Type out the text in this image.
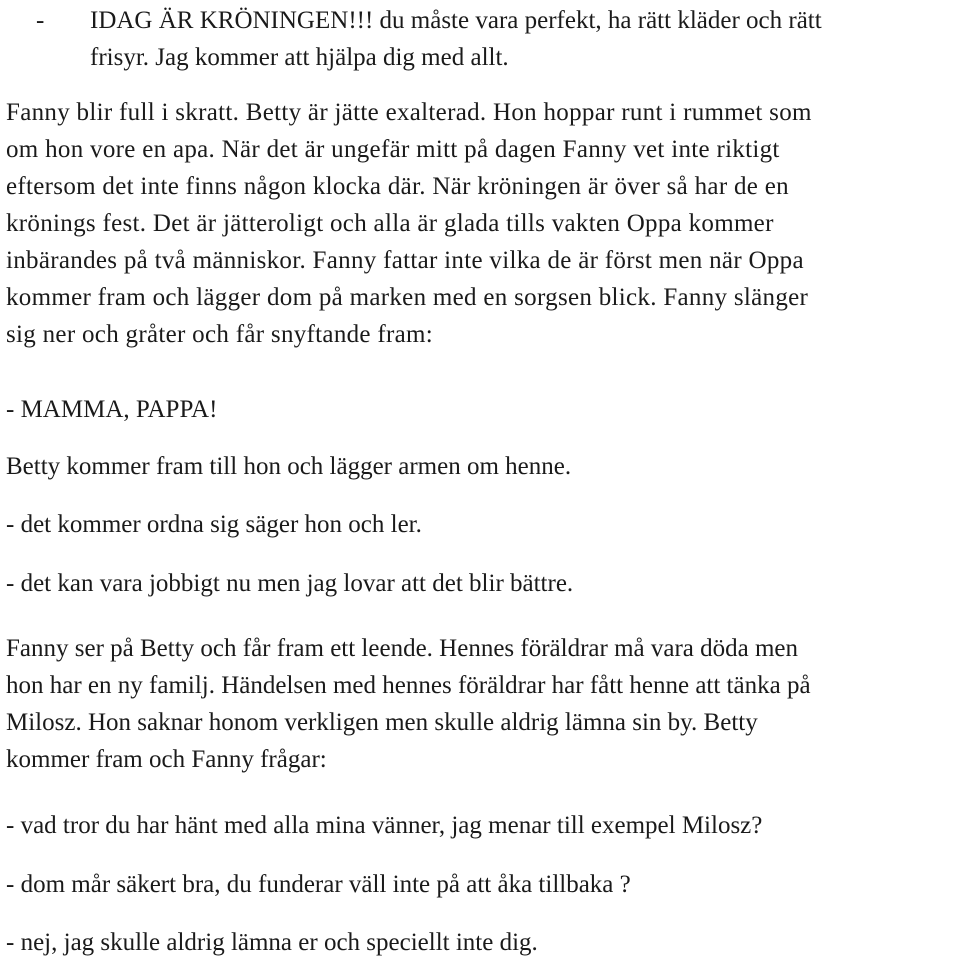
- IDAG ÄR KRÖNINGEN!!! du måste vara perfekt, ha rätt kläder och rätt
frisyr. Jag kommer att hjälpa dig med allt.
Fanny blir full i skratt. Betty är jätte exalterad. Hon hoppar runt i rummet som
om hon vore en apa. När det är ungefär mitt på dagen Fanny vet inte riktigt
eftersom det inte finns någon klocka där. När kröningen är över så har de en
krönings fest. Det är jätteroligt och alla är glada tills vakten Oppa kommer
inbärandes på två människor. Fanny fattar inte vilka de är först men när Oppa
kommer fram och lägger dom på marken med en sorgsen blick. Fanny slänger
sig ner och gråter och får snyftande fram:
- MAMMA, PAPPA!
Betty kommer fram till hon och lägger armen om henne.
- det kommer ordna sig säger hon och ler.
- det kan vara jobbigt nu men jag lovar att det blir bättre.
Fanny ser på Betty och får fram ett leende. Hennes föräldrar må vara döda men
hon har en ny familj. Händelsen med hennes föräldrar har fått henne att tänka på
Milosz. Hon saknar honom verkligen men skulle aldrig lämna sin by. Betty
kommer fram och Fanny frågar:
- vad tror du har hänt med alla mina vänner, jag menar till exempel Milosz?
- dom mår säkert bra, du funderar väll inte på att åka tillbaka ?
- nej, jag skulle aldrig lämna er och speciellt inte dig.
